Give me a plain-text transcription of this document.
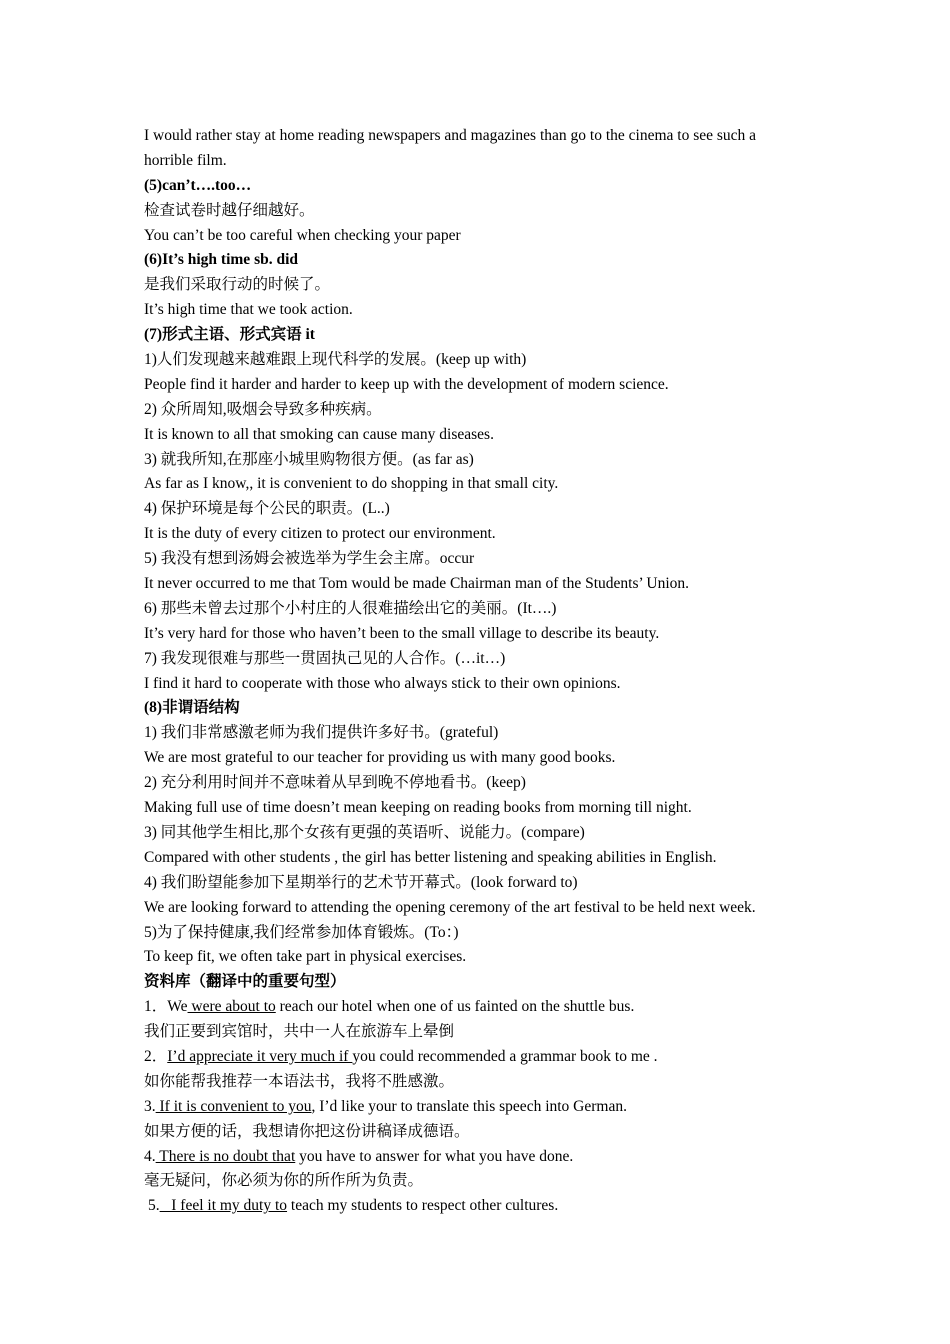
I would rather stay at home reading newspapers and magazines than go to the cinema to see such a
horrible film.
(5)can’t….too…
检查试卷时越仔细越好。
You can’t be too careful when checking your paper
(6)It’s high time sb. did
是我们采取行动的时候了。
It’s high time that we took action.
(7)形式主语、形式宾语 it
1)人们发现越来越难跟上现代科学的发展。(keep up with)
People find it harder and harder to keep up with the development of modern science.
2) 众所周知,吸烟会导致多种疾病。
It is known to all that smoking can cause many diseases.
3) 就我所知,在那座小城里购物很方便。(as far as)
As far as I know,, it is convenient to do shopping in that small city.
4) 保护环境是每个公民的职责。(L..)
It is the duty of every citizen to protect our environment.
5) 我没有想到汤姆会被选举为学生会主席。occur
It never occurred to me that Tom would be made Chairman man of the Students’ Union.
6) 那些未曾去过那个小村庄的人很难描绘出它的美丽。(It….)
It’s very hard for those who haven’t been to the small village to describe its beauty.
7) 我发现很难与那些一贯固执己见的人合作。(…it…)
I find it hard to cooperate with those who always stick to their own opinions.
(8)非谓语结构
1) 我们非常感激老师为我们提供许多好书。(grateful)
We are most grateful to our teacher for providing us with many good books.
2) 充分利用时间并不意味着从早到晚不停地看书。(keep)
Making full use of time doesn’t mean keeping on reading books from morning till night.
3) 同其他学生相比,那个女孩有更强的英语听、说能力。(compare)
Compared with other students , the girl has better listening and speaking abilities in English.
4) 我们盼望能参加下星期举行的艺术节开幕式。(look forward to)
We are looking forward to attending the opening ceremony of the art festival to be held next week.
5)为了保持健康,我们经常参加体育锻炼。(To：)
To keep fit, we often take part in physical exercises.
资料库（翻译中的重要句型）
1．We were about to reach our hotel when one of us fainted on the shuttle bus.
我们正要到宾馆时，共中一人在旅游车上晕倒
2．I’d appreciate it very much if you could recommended a grammar book to me .
如你能帮我推荐一本语法书，我将不胜感激。
3. If it is convenient to you, I’d like your to translate this speech into German.
如果方便的话，我想请你把这份讲稿译成德语。
4. There is no doubt that you have to answer for what you have done.
毫无疑问，你必须为你的所作所为负责。
5.   I feel it my duty to teach my students to respect other cultures.
